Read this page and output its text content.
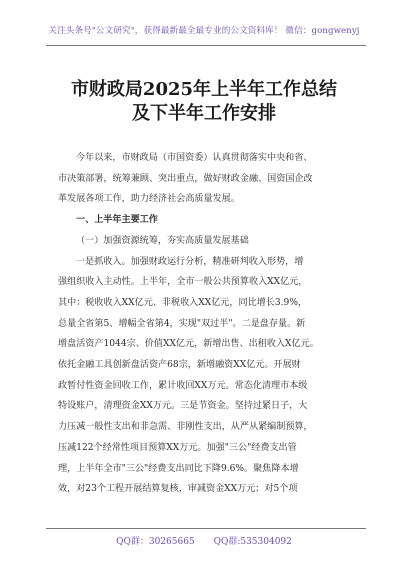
关注头条号"公文研究"，获得最新最全最专业的公文资料库！ 微信：gongwenyj
市财政局2025年上半年工作总结
及下半年工作安排
今年以来，市财政局（市国资委）认真贯彻落实中央和省、
市决策部署，统筹兼顾、突出重点，做好财政金融、国资国企改
革发展各项工作，助力经济社会高质量发展。
一、上半年主要工作
（一）加强资源统筹，夯实高质量发展基础
一是抓收入。加强财政运行分析，精准研判收入形势，增
强组织收入主动性。上半年，全市一般公共预算收入XX亿元，
其中：税收收入XX亿元、非税收入XX亿元，同比增长3.9%，
总量全省第5、增幅全省第4，实现"双过半"。二是盘存量。新
增盘活资产1044宗、价值XX亿元，新增出售、出租收入X亿元。
依托金融工具创新盘活资产68宗，新增融资XX亿元。开展财
政暂付性资金回收工作，累计收回XX万元。常态化清理市本级
特设账户，清理资金XX万元。三是节资金。坚持过紧日子，大
力压减一般性支出和非急需、非刚性支出，从严从紧编制预算，
压减122个经常性项目预算XX万元。加强"三公"经费支出管
理，上半年全市"三公"经费支出同比下降9.6%。聚焦降本增
效，对23个工程开展结算复核，审减资金XX万元；对5个项
QQ群：30265665 QQ群:535304092
